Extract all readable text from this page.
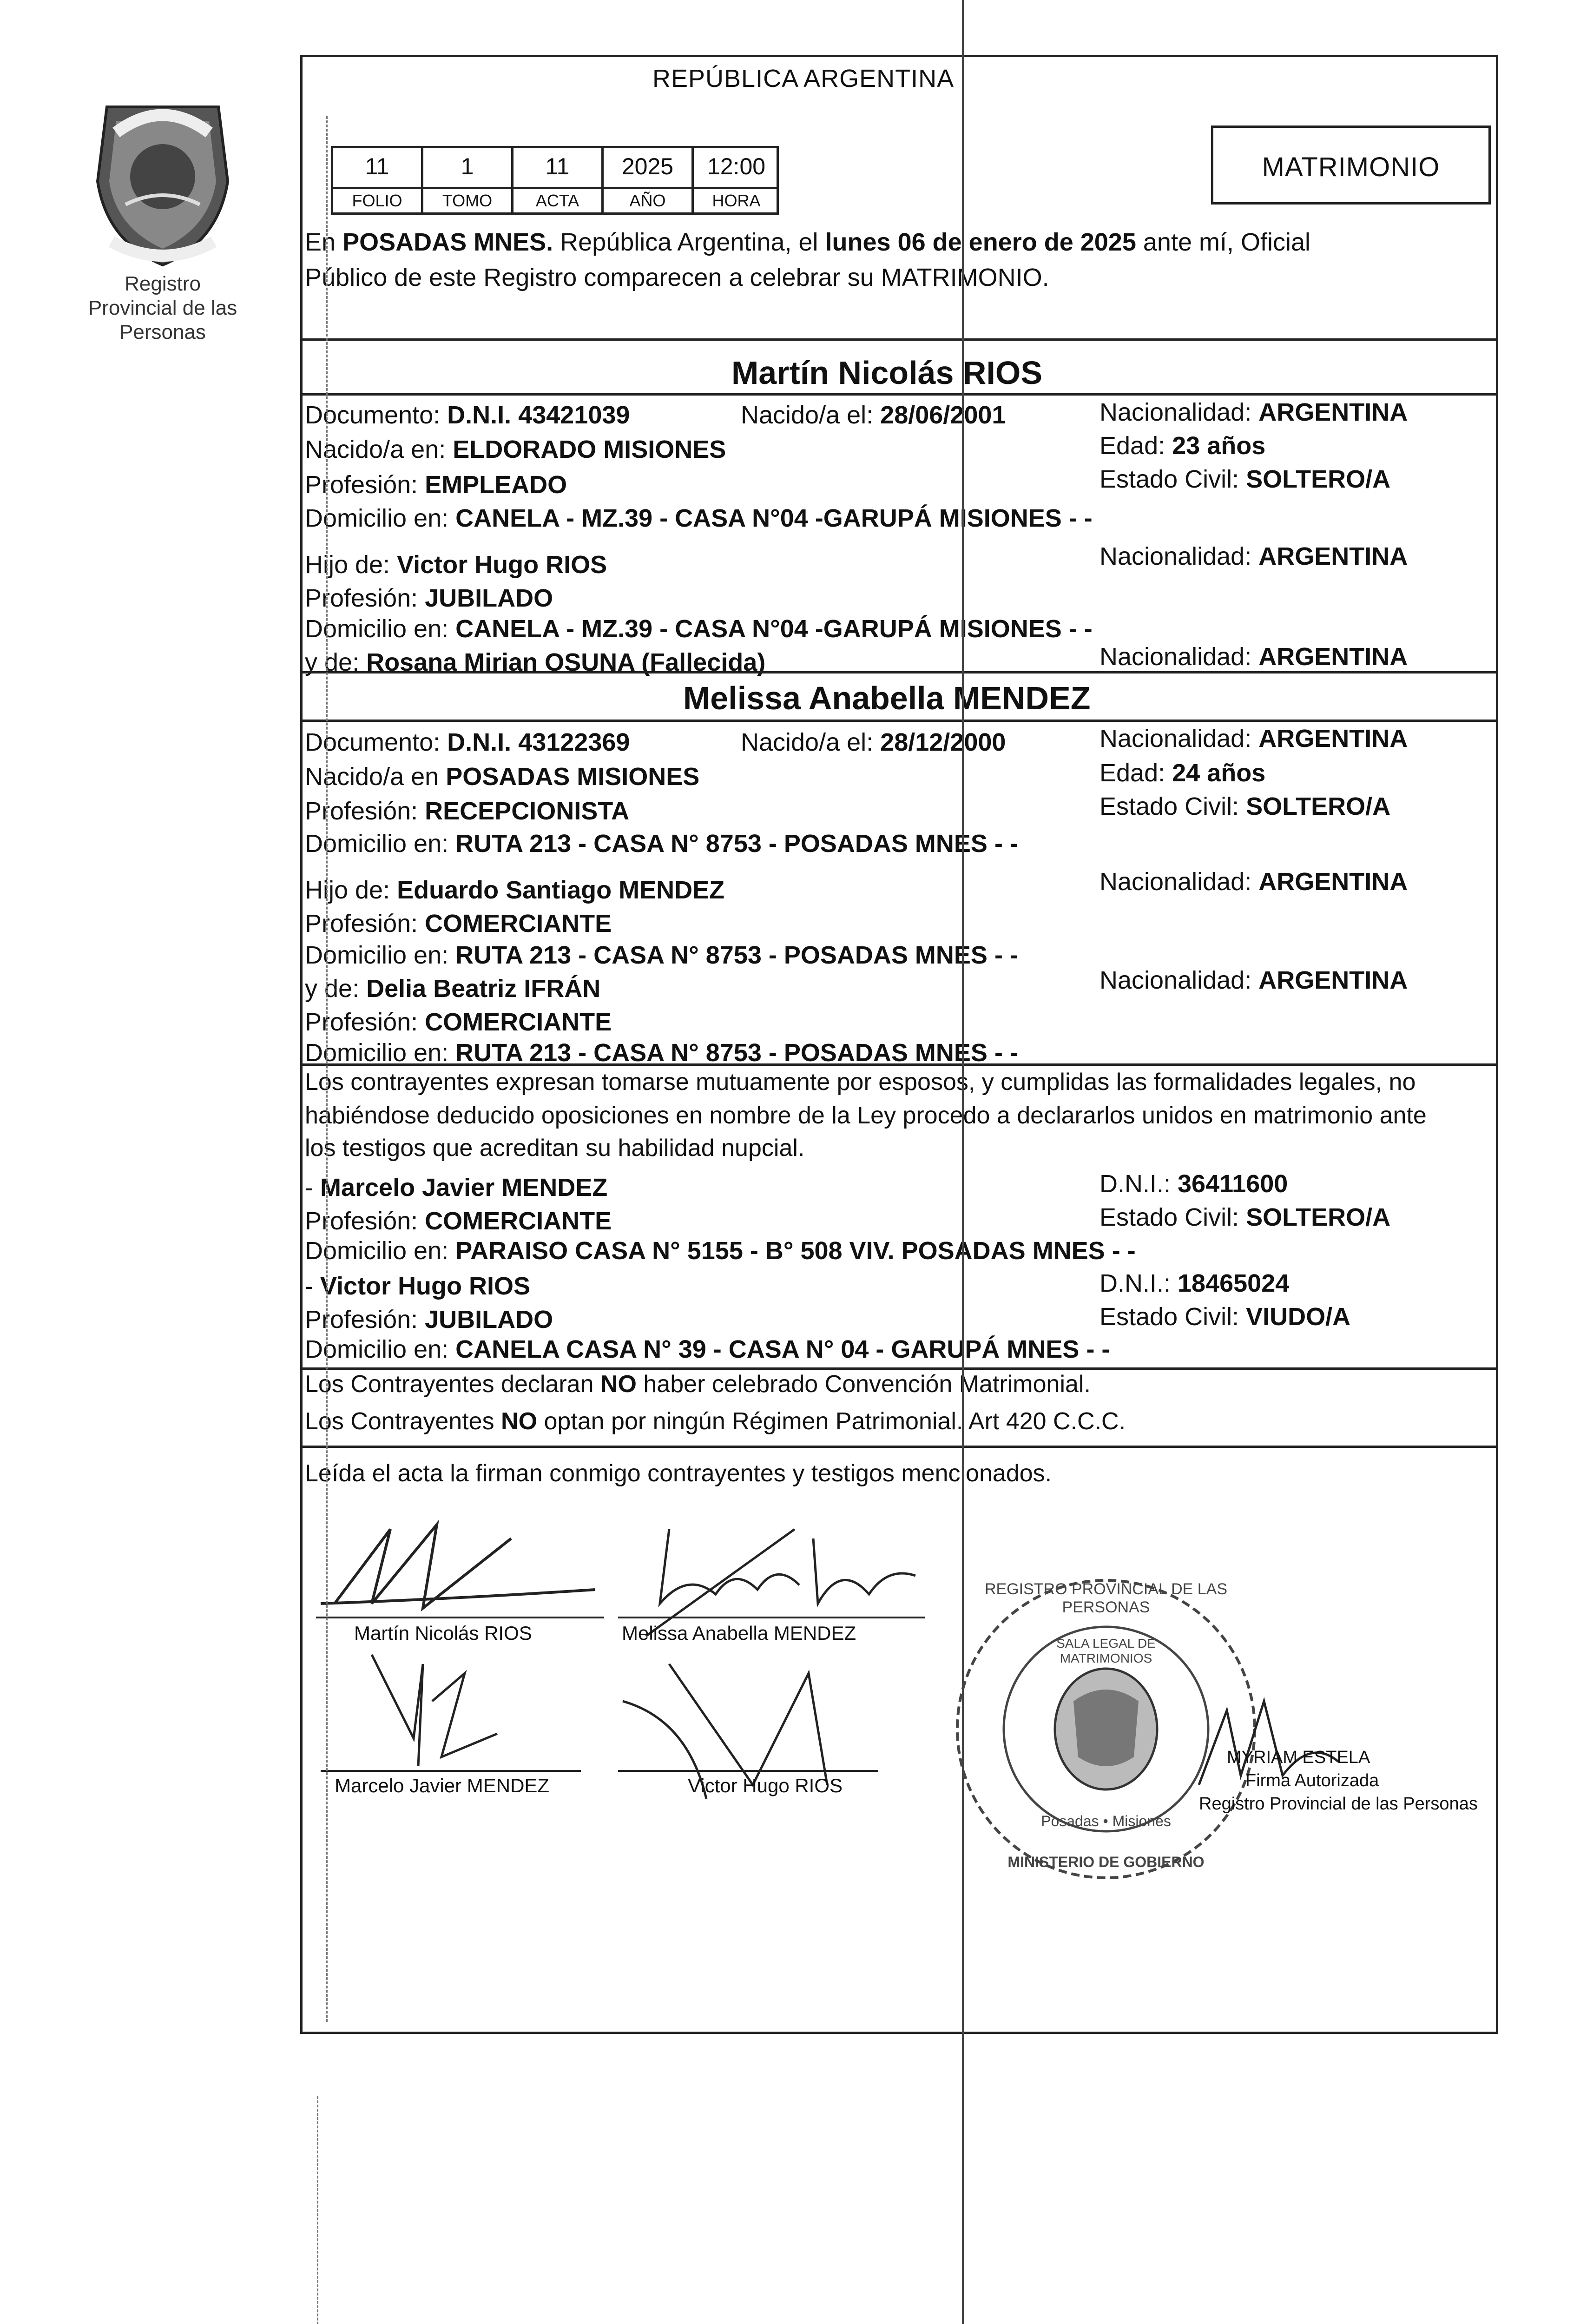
Registro Provincial de las Personas
REPÚBLICA ARGENTINA
11
FOLIO
1
TOMO
11
ACTA
2025
AÑO
12:00
HORA
MATRIMONIO
En POSADAS MNES. República Argentina, el lunes 06 de enero de 2025 ante mí, Oficial
Público de este Registro comparecen a celebrar su MATRIMONIO.
Martín Nicolás RIOS
Documento: D.N.I. 43421039	Nacido/a el: 28/06/2001	Nacionalidad: ARGENTINA
Nacido/a en: ELDORADO MISIONES	Edad: 23 años
Profesión: EMPLEADO	Estado Civil: SOLTERO/A
Domicilio en: CANELA - MZ.39 - CASA N°04 -GARUPÁ MISIONES - -
Hijo de: Victor Hugo RIOS	Nacionalidad: ARGENTINA
Profesión: JUBILADO
Domicilio en: CANELA - MZ.39 - CASA N°04 -GARUPÁ MISIONES - -
y de: Rosana Mirian OSUNA (Fallecida)	Nacionalidad: ARGENTINA
Melissa Anabella MENDEZ
Documento: D.N.I. 43122369	Nacido/a el: 28/12/2000	Nacionalidad: ARGENTINA
Nacido/a en POSADAS MISIONES	Edad: 24 años
Profesión: RECEPCIONISTA	Estado Civil: SOLTERO/A
Domicilio en: RUTA 213 - CASA N° 8753 - POSADAS MNES - -
Hijo de: Eduardo Santiago MENDEZ	Nacionalidad: ARGENTINA
Profesión: COMERCIANTE
Domicilio en: RUTA 213 - CASA N° 8753 - POSADAS MNES - -
y de: Delia Beatriz IFRÁN	Nacionalidad: ARGENTINA
Profesión: COMERCIANTE
Domicilio en: RUTA 213 - CASA N° 8753 - POSADAS MNES - -
Los contrayentes expresan tomarse mutuamente por esposos, y cumplidas las formalidades legales, no
habiéndose deducido oposiciones en nombre de la Ley procedo a declararlos unidos en matrimonio ante
los testigos que acreditan su habilidad nupcial.
- Marcelo Javier MENDEZ	D.N.I.: 36411600
Profesión: COMERCIANTE	Estado Civil: SOLTERO/A
Domicilio en: PARAISO CASA N° 5155 - B° 508 VIV. POSADAS MNES - -
- Victor Hugo RIOS	D.N.I.: 18465024
Profesión: JUBILADO	Estado Civil: VIUDO/A
Domicilio en: CANELA CASA N° 39 - CASA N° 04 - GARUPÁ MNES - -
Los Contrayentes declaran NO haber celebrado Convención Matrimonial.
Los Contrayentes NO optan por ningún Régimen Patrimonial. Art 420 C.C.C.
Leída el acta la firman conmigo contrayentes y testigos mencionados.
Martín Nicolás RIOS	Melissa Anabella MENDEZ
Marcelo Javier MENDEZ	Victor Hugo RIOS
REGISTRO PROVINCIAL DE LAS PERSONAS
SALA LEGAL DE MATRIMONIOS
Posadas • Misiones
MINISTERIO DE GOBIERNO
MYRIAM ESTELA
Firma Autorizada
Registro Provincial de las Personas
